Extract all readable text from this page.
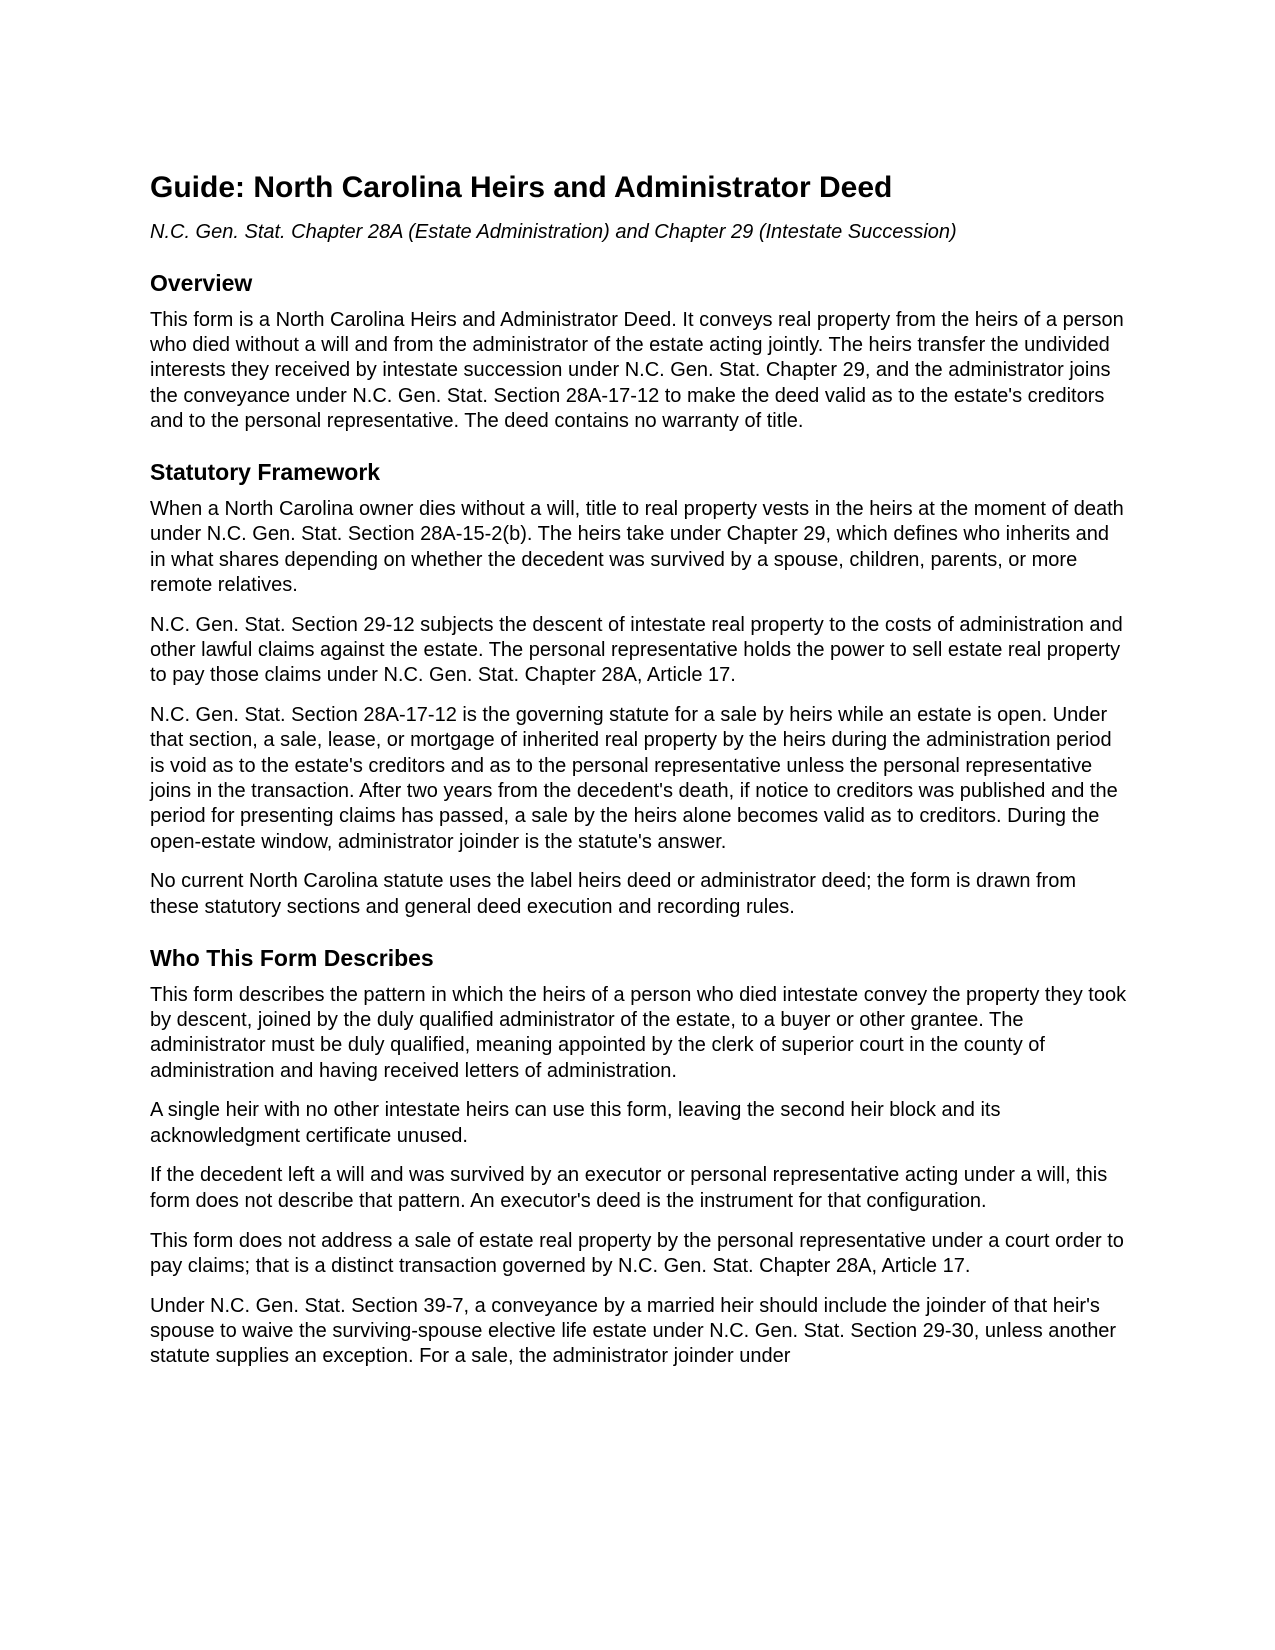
Guide: North Carolina Heirs and Administrator Deed
N.C. Gen. Stat. Chapter 28A (Estate Administration) and Chapter 29 (Intestate Succession)
Overview

This form is a North Carolina Heirs and Administrator Deed. It conveys real property from the heirs of a person who died without a will and from the administrator of the estate acting jointly. The heirs transfer the undivided interests they received by intestate succession under N.C. Gen. Stat. Chapter 29, and the administrator joins the conveyance under N.C. Gen. Stat. Section 28A-17-12 to make the deed valid as to the estate's creditors and to the personal representative. The deed contains no warranty of title.

Statutory Framework

When a North Carolina owner dies without a will, title to real property vests in the heirs at the moment of death under N.C. Gen. Stat. Section 28A-15-2(b). The heirs take under Chapter 29, which defines who inherits and in what shares depending on whether the decedent was survived by a spouse, children, parents, or more remote relatives.

N.C. Gen. Stat. Section 29-12 subjects the descent of intestate real property to the costs of administration and other lawful claims against the estate. The personal representative holds the power to sell estate real property to pay those claims under N.C. Gen. Stat. Chapter 28A, Article 17.

N.C. Gen. Stat. Section 28A-17-12 is the governing statute for a sale by heirs while an estate is open. Under that section, a sale, lease, or mortgage of inherited real property by the heirs during the administration period is void as to the estate's creditors and as to the personal representative unless the personal representative joins in the transaction. After two years from the decedent's death, if notice to creditors was published and the period for presenting claims has passed, a sale by the heirs alone becomes valid as to creditors. During the open-estate window, administrator joinder is the statute's answer.

No current North Carolina statute uses the label heirs deed or administrator deed; the form is drawn from these statutory sections and general deed execution and recording rules.

Who This Form Describes

This form describes the pattern in which the heirs of a person who died intestate convey the property they took by descent, joined by the duly qualified administrator of the estate, to a buyer or other grantee. The administrator must be duly qualified, meaning appointed by the clerk of superior court in the county of administration and having received letters of administration.

A single heir with no other intestate heirs can use this form, leaving the second heir block and its acknowledgment certificate unused.

If the decedent left a will and was survived by an executor or personal representative acting under a will, this form does not describe that pattern. An executor's deed is the instrument for that configuration.

This form does not address a sale of estate real property by the personal representative under a court order to pay claims; that is a distinct transaction governed by N.C. Gen. Stat. Chapter 28A, Article 17.

Under N.C. Gen. Stat. Section 39-7, a conveyance by a married heir should include the joinder of that heir's spouse to waive the surviving-spouse elective life estate under N.C. Gen. Stat. Section 29-30, unless another statute supplies an exception. For a sale, the administrator joinder under
